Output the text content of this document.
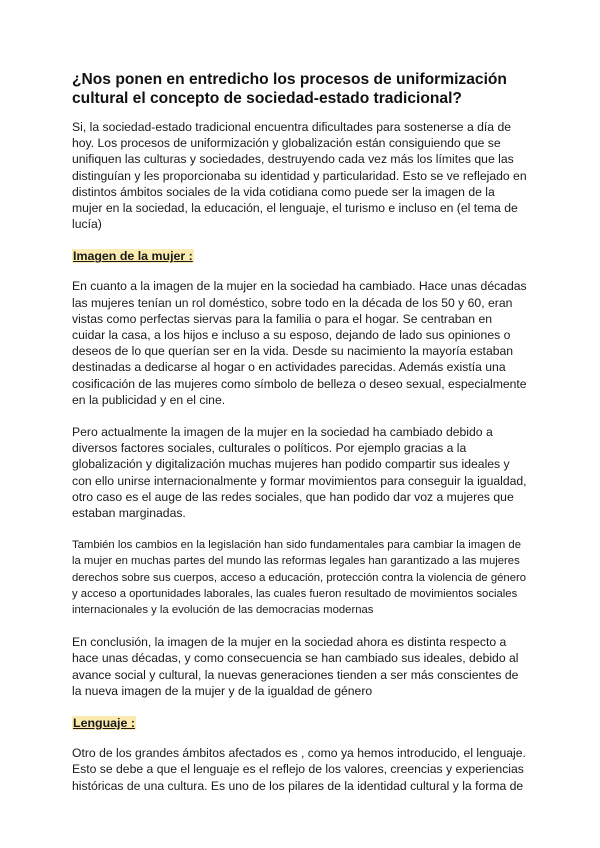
¿Nos ponen en entredicho los procesos de uniformización cultural el concepto de sociedad-estado tradicional?

Si, la sociedad-estado tradicional encuentra dificultades para sostenerse a día de hoy. Los procesos de uniformización y globalización están consiguiendo que se unifiquen las culturas y sociedades, destruyendo cada vez más los límites que las distinguían y les proporcionaba su identidad y particularidad. Esto se ve reflejado en distintos ámbitos sociales de la vida cotidiana como puede ser la imagen de la mujer en la sociedad, la educación, el lenguaje, el turismo e incluso en (el tema de lucía)

Imagen de la mujer :

En cuanto a la imagen de la mujer en la sociedad ha cambiado. Hace unas décadas las mujeres tenían un rol doméstico, sobre todo en la década de los 50 y 60, eran vistas como perfectas siervas para la familia o para el hogar. Se centraban en cuidar la casa, a los hijos e incluso a su esposo, dejando de lado sus opiniones o deseos de lo que querían ser en la vida. Desde su nacimiento la mayoría estaban destinadas a dedicarse al hogar o en actividades parecidas. Además existía una cosificación de las mujeres como símbolo de belleza o deseo sexual, especialmente en la publicidad y en el cine.

Pero actualmente la imagen de la mujer en la sociedad ha cambiado debido a diversos factores sociales, culturales o políticos. Por ejemplo gracias a la globalización y digitalización muchas mujeres han podido compartir sus ideales y con ello unirse internacionalmente y formar movimientos para conseguir la igualdad, otro caso es el auge de las redes sociales, que han podido dar voz a mujeres que estaban marginadas.

También los cambios en la legislación han sido fundamentales para cambiar la imagen de la mujer en muchas partes del mundo las reformas legales han garantizado a las mujeres derechos sobre sus cuerpos, acceso a educación, protección contra la violencia de género y acceso a oportunidades laborales, las cuales fueron resultado de movimientos sociales internacionales y la evolución de las democracias modernas

En conclusión, la imagen de la mujer en la sociedad ahora es distinta respecto a hace unas décadas, y como consecuencia se han cambiado sus ideales, debido al avance social y cultural, la nuevas generaciones tienden a ser más conscientes de la nueva imagen de la mujer y de la igualdad de género

Lenguaje :

Otro de los grandes ámbitos afectados es , como ya hemos introducido, el lenguaje. Esto se debe a que el lenguaje es el reflejo de los valores, creencias y experiencias históricas de una cultura. Es uno de los pilares de la identidad cultural y la forma de
